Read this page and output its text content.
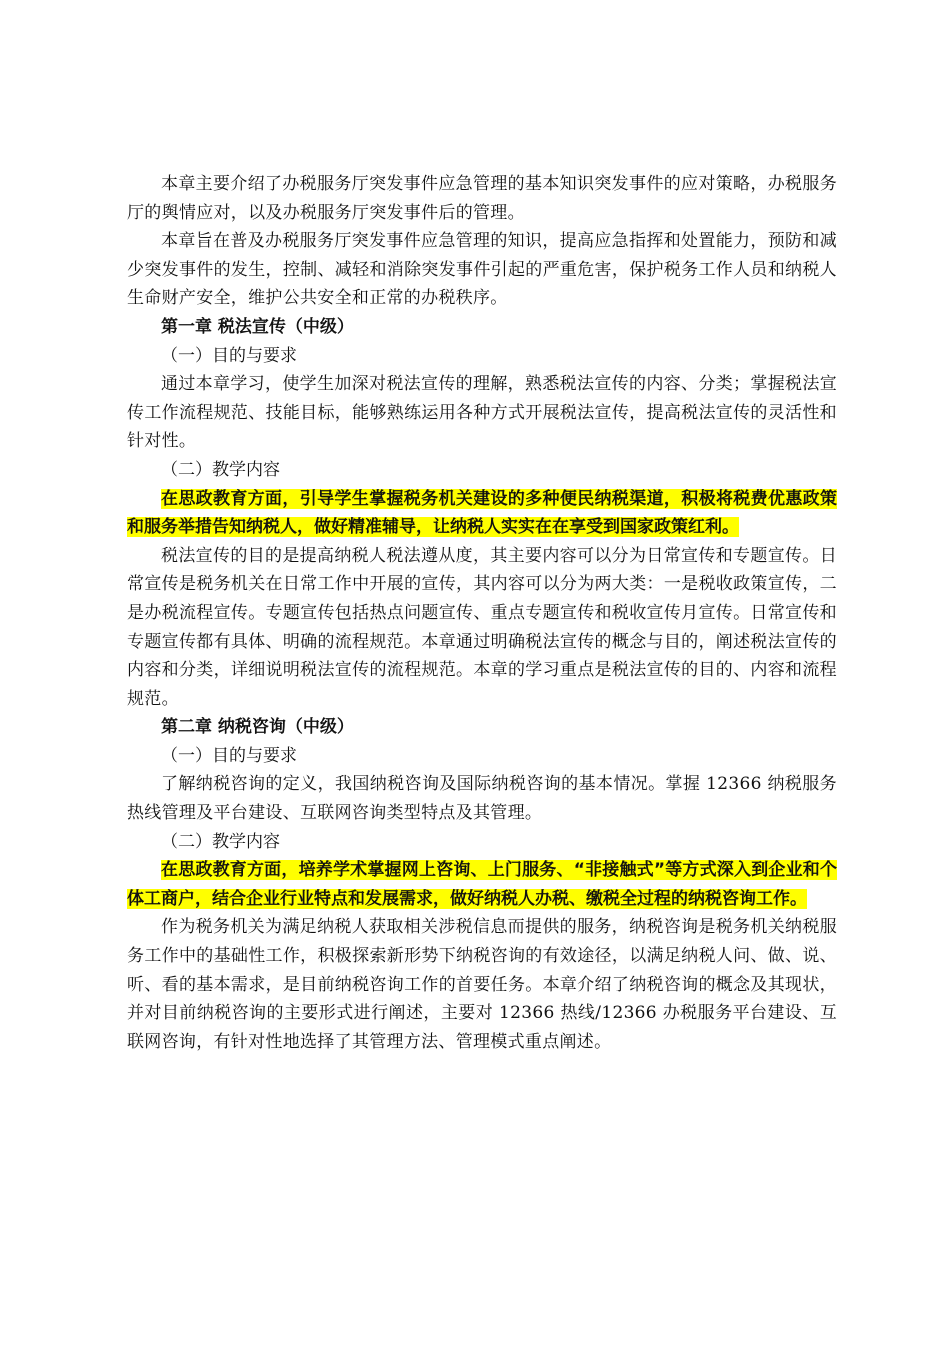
本章主要介绍了办税服务厅突发事件应急管理的基本知识突发事件的应对策略，办税服务厅的舆情应对，以及办税服务厅突发事件后的管理。

本章旨在普及办税服务厅突发事件应急管理的知识，提高应急指挥和处置能力，预防和减少突发事件的发生，控制、减轻和消除突发事件引起的严重危害，保护税务工作人员和纳税人生命财产安全，维护公共安全和正常的办税秩序。

第一章 税法宣传（中级）

（一）目的与要求

通过本章学习，使学生加深对税法宣传的理解，熟悉税法宣传的内容、分类；掌握税法宣传工作流程规范、技能目标，能够熟练运用各种方式开展税法宣传，提高税法宣传的灵活性和针对性。

（二）教学内容

在思政教育方面，引导学生掌握税务机关建设的多种便民纳税渠道，积极将税费优惠政策和服务举措告知纳税人，做好精准辅导，让纳税人实实在在享受到国家政策红利。

税法宣传的目的是提高纳税人税法遵从度，其主要内容可以分为日常宣传和专题宣传。日常宣传是税务机关在日常工作中开展的宣传，其内容可以分为两大类：一是税收政策宣传，二是办税流程宣传。专题宣传包括热点问题宣传、重点专题宣传和税收宣传月宣传。日常宣传和专题宣传都有具体、明确的流程规范。本章通过明确税法宣传的概念与目的，阐述税法宣传的内容和分类，详细说明税法宣传的流程规范。本章的学习重点是税法宣传的目的、内容和流程规范。

第二章 纳税咨询（中级）

（一）目的与要求

了解纳税咨询的定义，我国纳税咨询及国际纳税咨询的基本情况。掌握 12366 纳税服务热线管理及平台建设、互联网咨询类型特点及其管理。

（二）教学内容

在思政教育方面，培养学术掌握网上咨询、上门服务、“非接触式”等方式深入到企业和个体工商户，结合企业行业特点和发展需求，做好纳税人办税、缴税全过程的纳税咨询工作。

作为税务机关为满足纳税人获取相关涉税信息而提供的服务，纳税咨询是税务机关纳税服务工作中的基础性工作，积极探索新形势下纳税咨询的有效途径，以满足纳税人问、做、说、听、看的基本需求，是目前纳税咨询工作的首要任务。本章介绍了纳税咨询的概念及其现状，并对目前纳税咨询的主要形式进行阐述，主要对 12366 热线/12366 办税服务平台建设、互联网咨询，有针对性地选择了其管理方法、管理模式重点阐述。
